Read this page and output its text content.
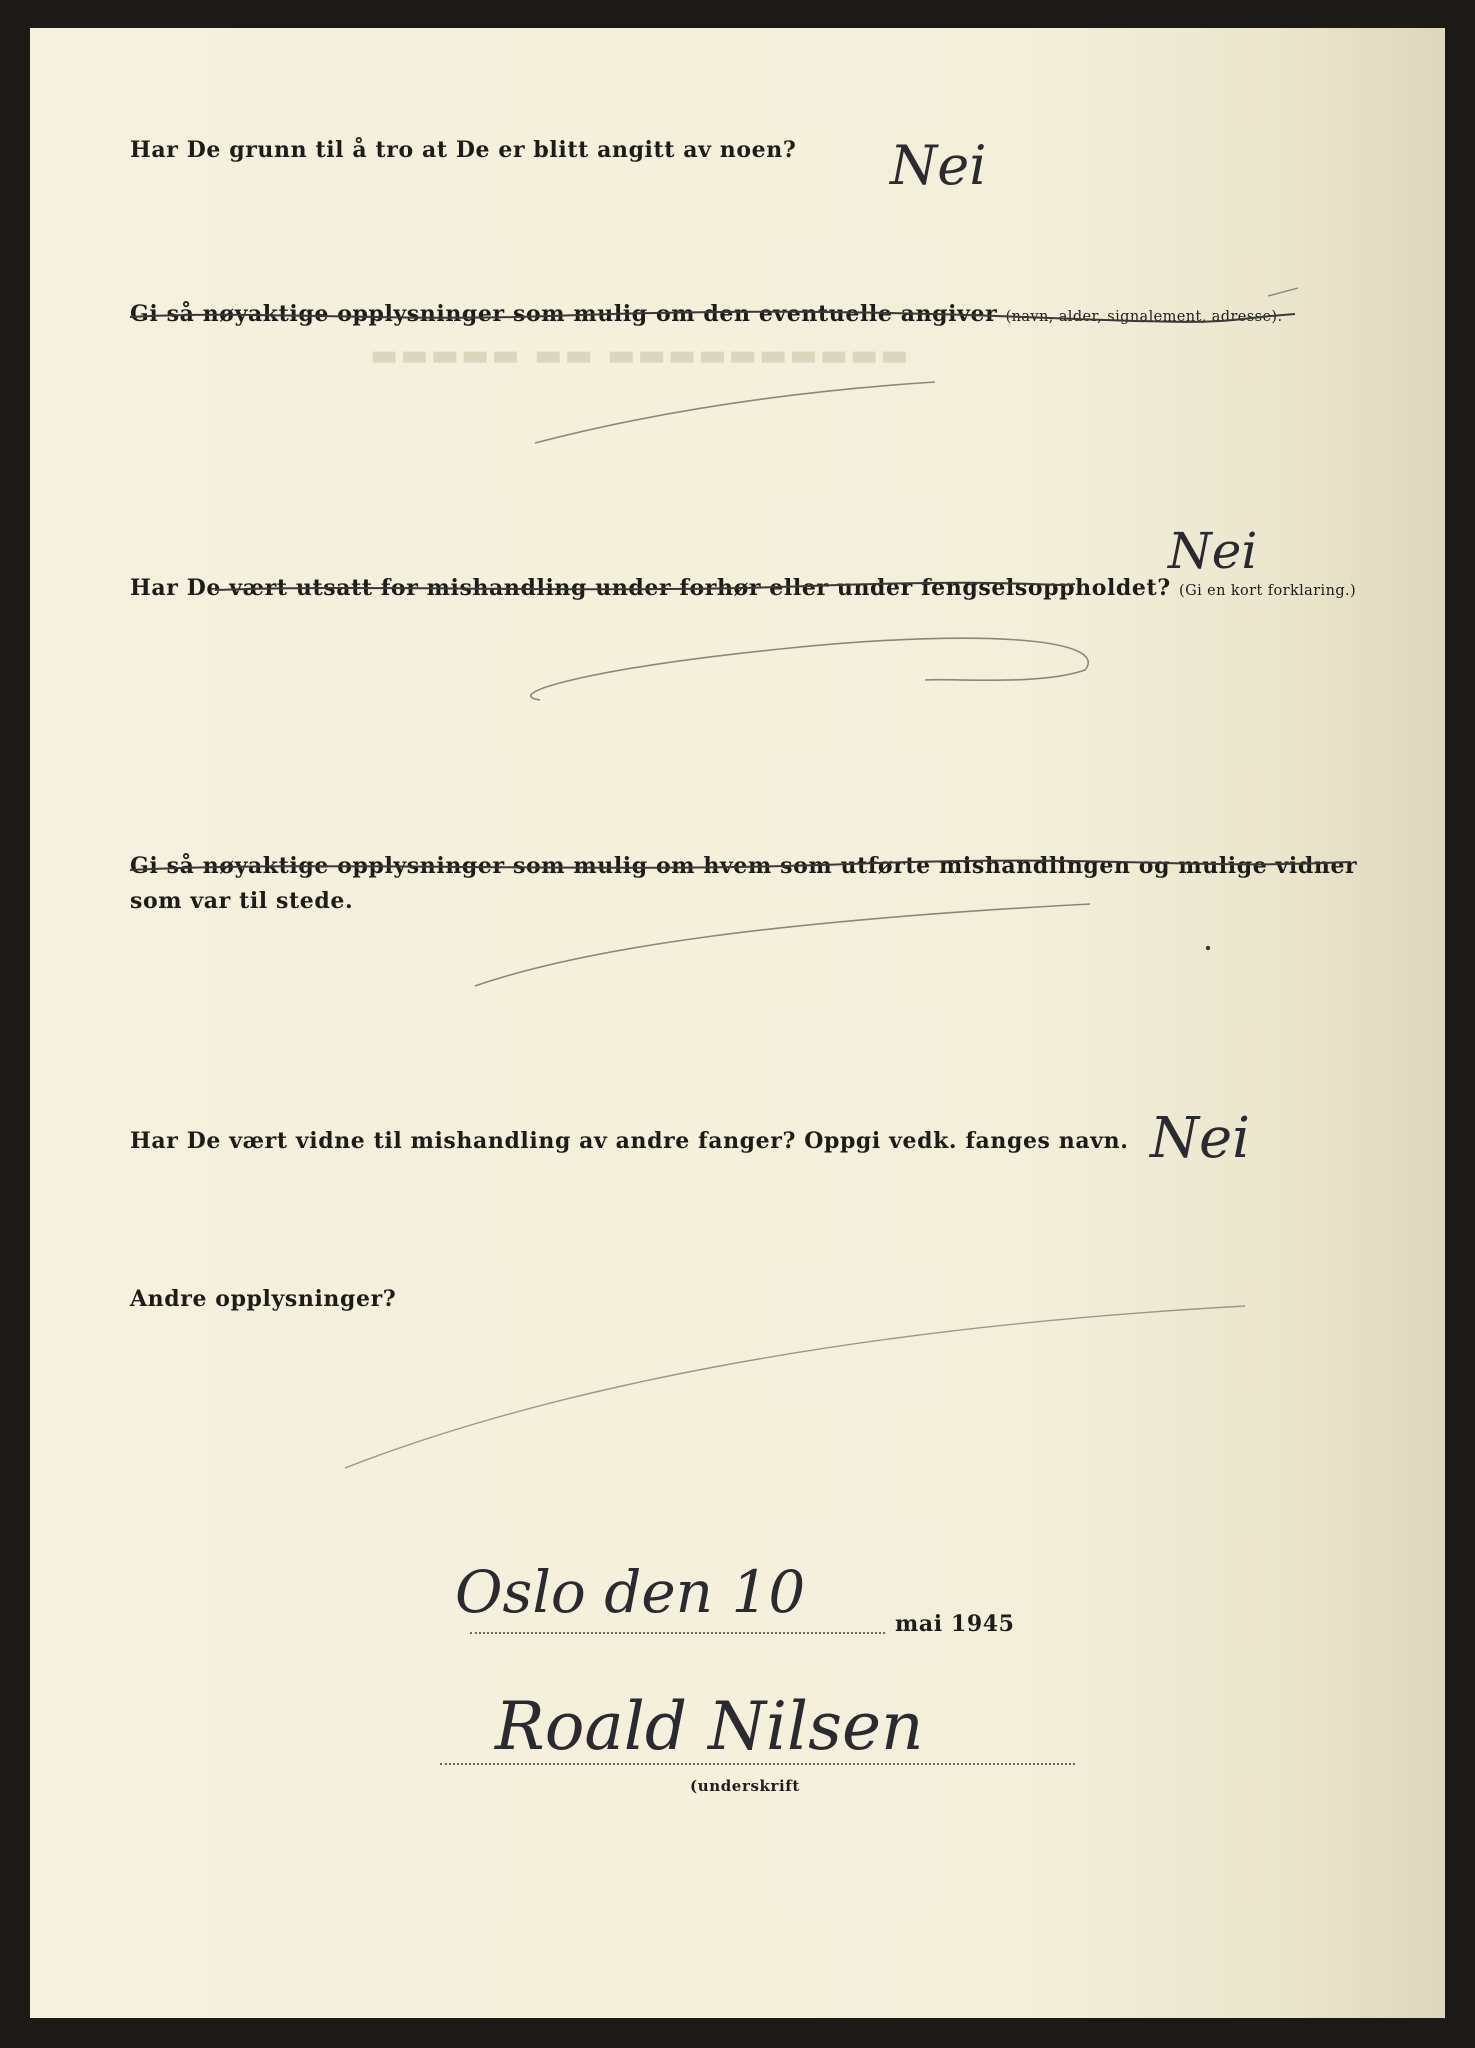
▬▬▬▬▬ ▬▬ ▬▬▬▬▬▬▬▬▬▬
Har De grunn til å tro at De er blitt angitt av noen? Nei
Gi så nøyaktige opplysninger som mulig om den eventuelle angiver (navn, alder, signalement, adresse).
Har De vært utsatt for mishandling under forhør eller under fengselsoppholdet? (Gi en kort forklaring.)
Nei
Gi så nøyaktige opplysninger som mulig om hvem som utførte mishandlingen og mulige vidner
som var til stede.
Har De vært vidne til mishandling av andre fanger? Oppgi vedk. fanges navn. Nei
Andre opplysninger?
Oslo den 10	mai 1945
Roald Nilsen
(underskrift
